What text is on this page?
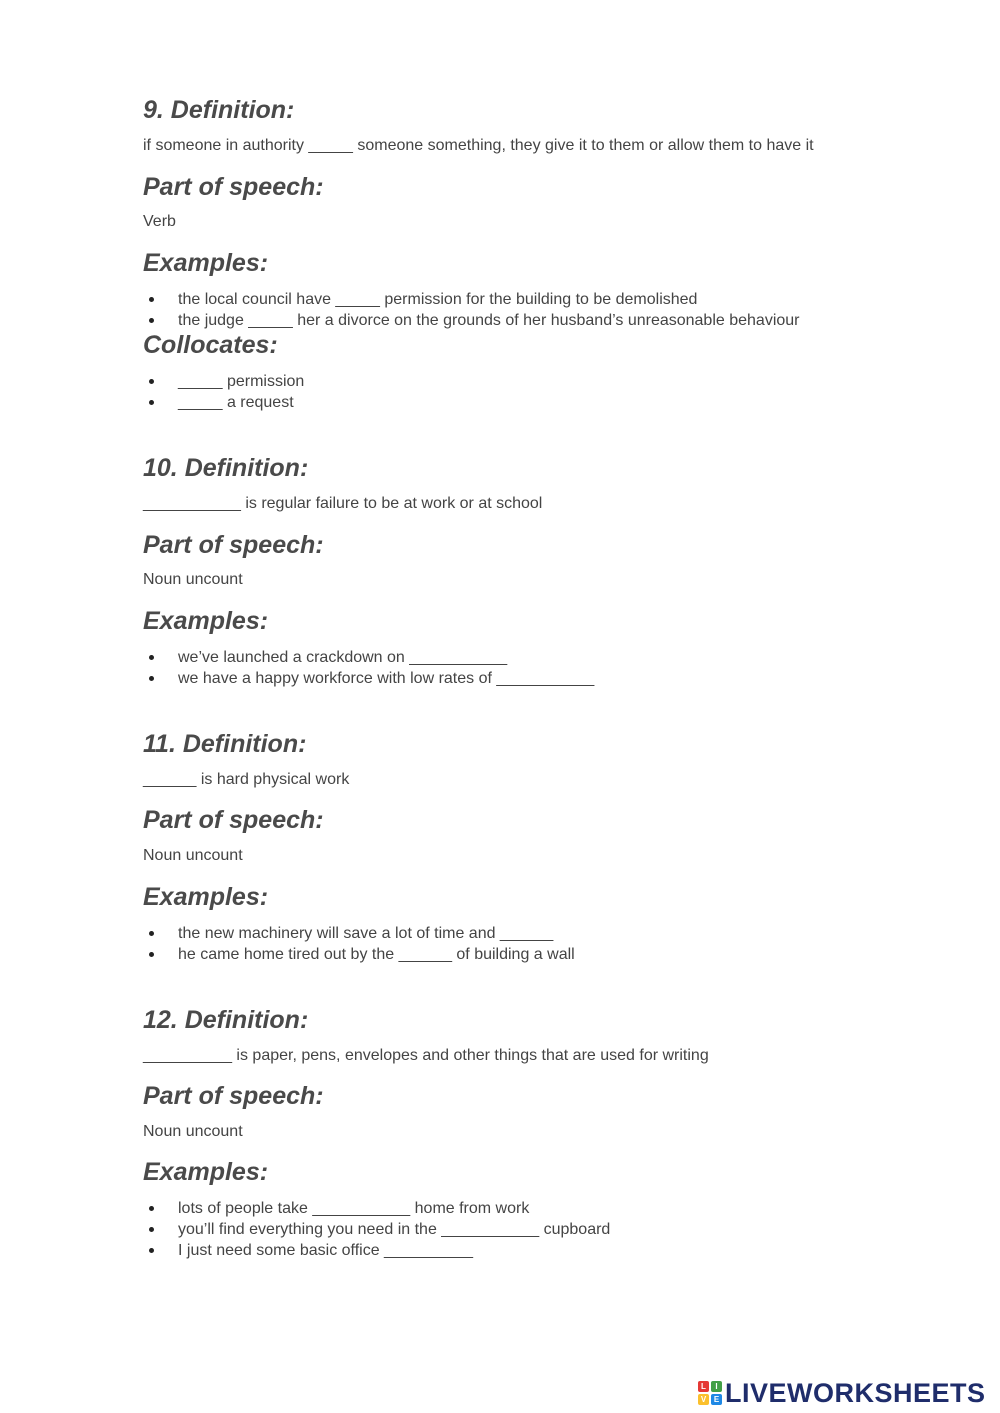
9. Definition:

if someone in authority _____ someone something, they give it to them or allow them to have it

Part of speech:

Verb

Examples:
the local council have _____ permission for the building to be demolished
the judge _____ her a divorce on the grounds of her husband’s unreasonable behaviour
Collocates:
_____ permission
_____ a request
10. Definition:

___________ is regular failure to be at work or at school

Part of speech:

Noun uncount

Examples:
we’ve launched a crackdown on ___________
we have a happy workforce with low rates of ___________
11. Definition:

______ is hard physical work

Part of speech:

Noun uncount

Examples:
the new machinery will save a lot of time and ______
he came home tired out by the ______ of building a wall
12. Definition:

__________ is paper, pens, envelopes and other things that are used for writing

Part of speech:

Noun uncount

Examples:
lots of people take ___________ home from work
you’ll find everything you need in the ___________ cupboard
I just need some basic office __________
L	I
V E LIVEWORKSHEETS
